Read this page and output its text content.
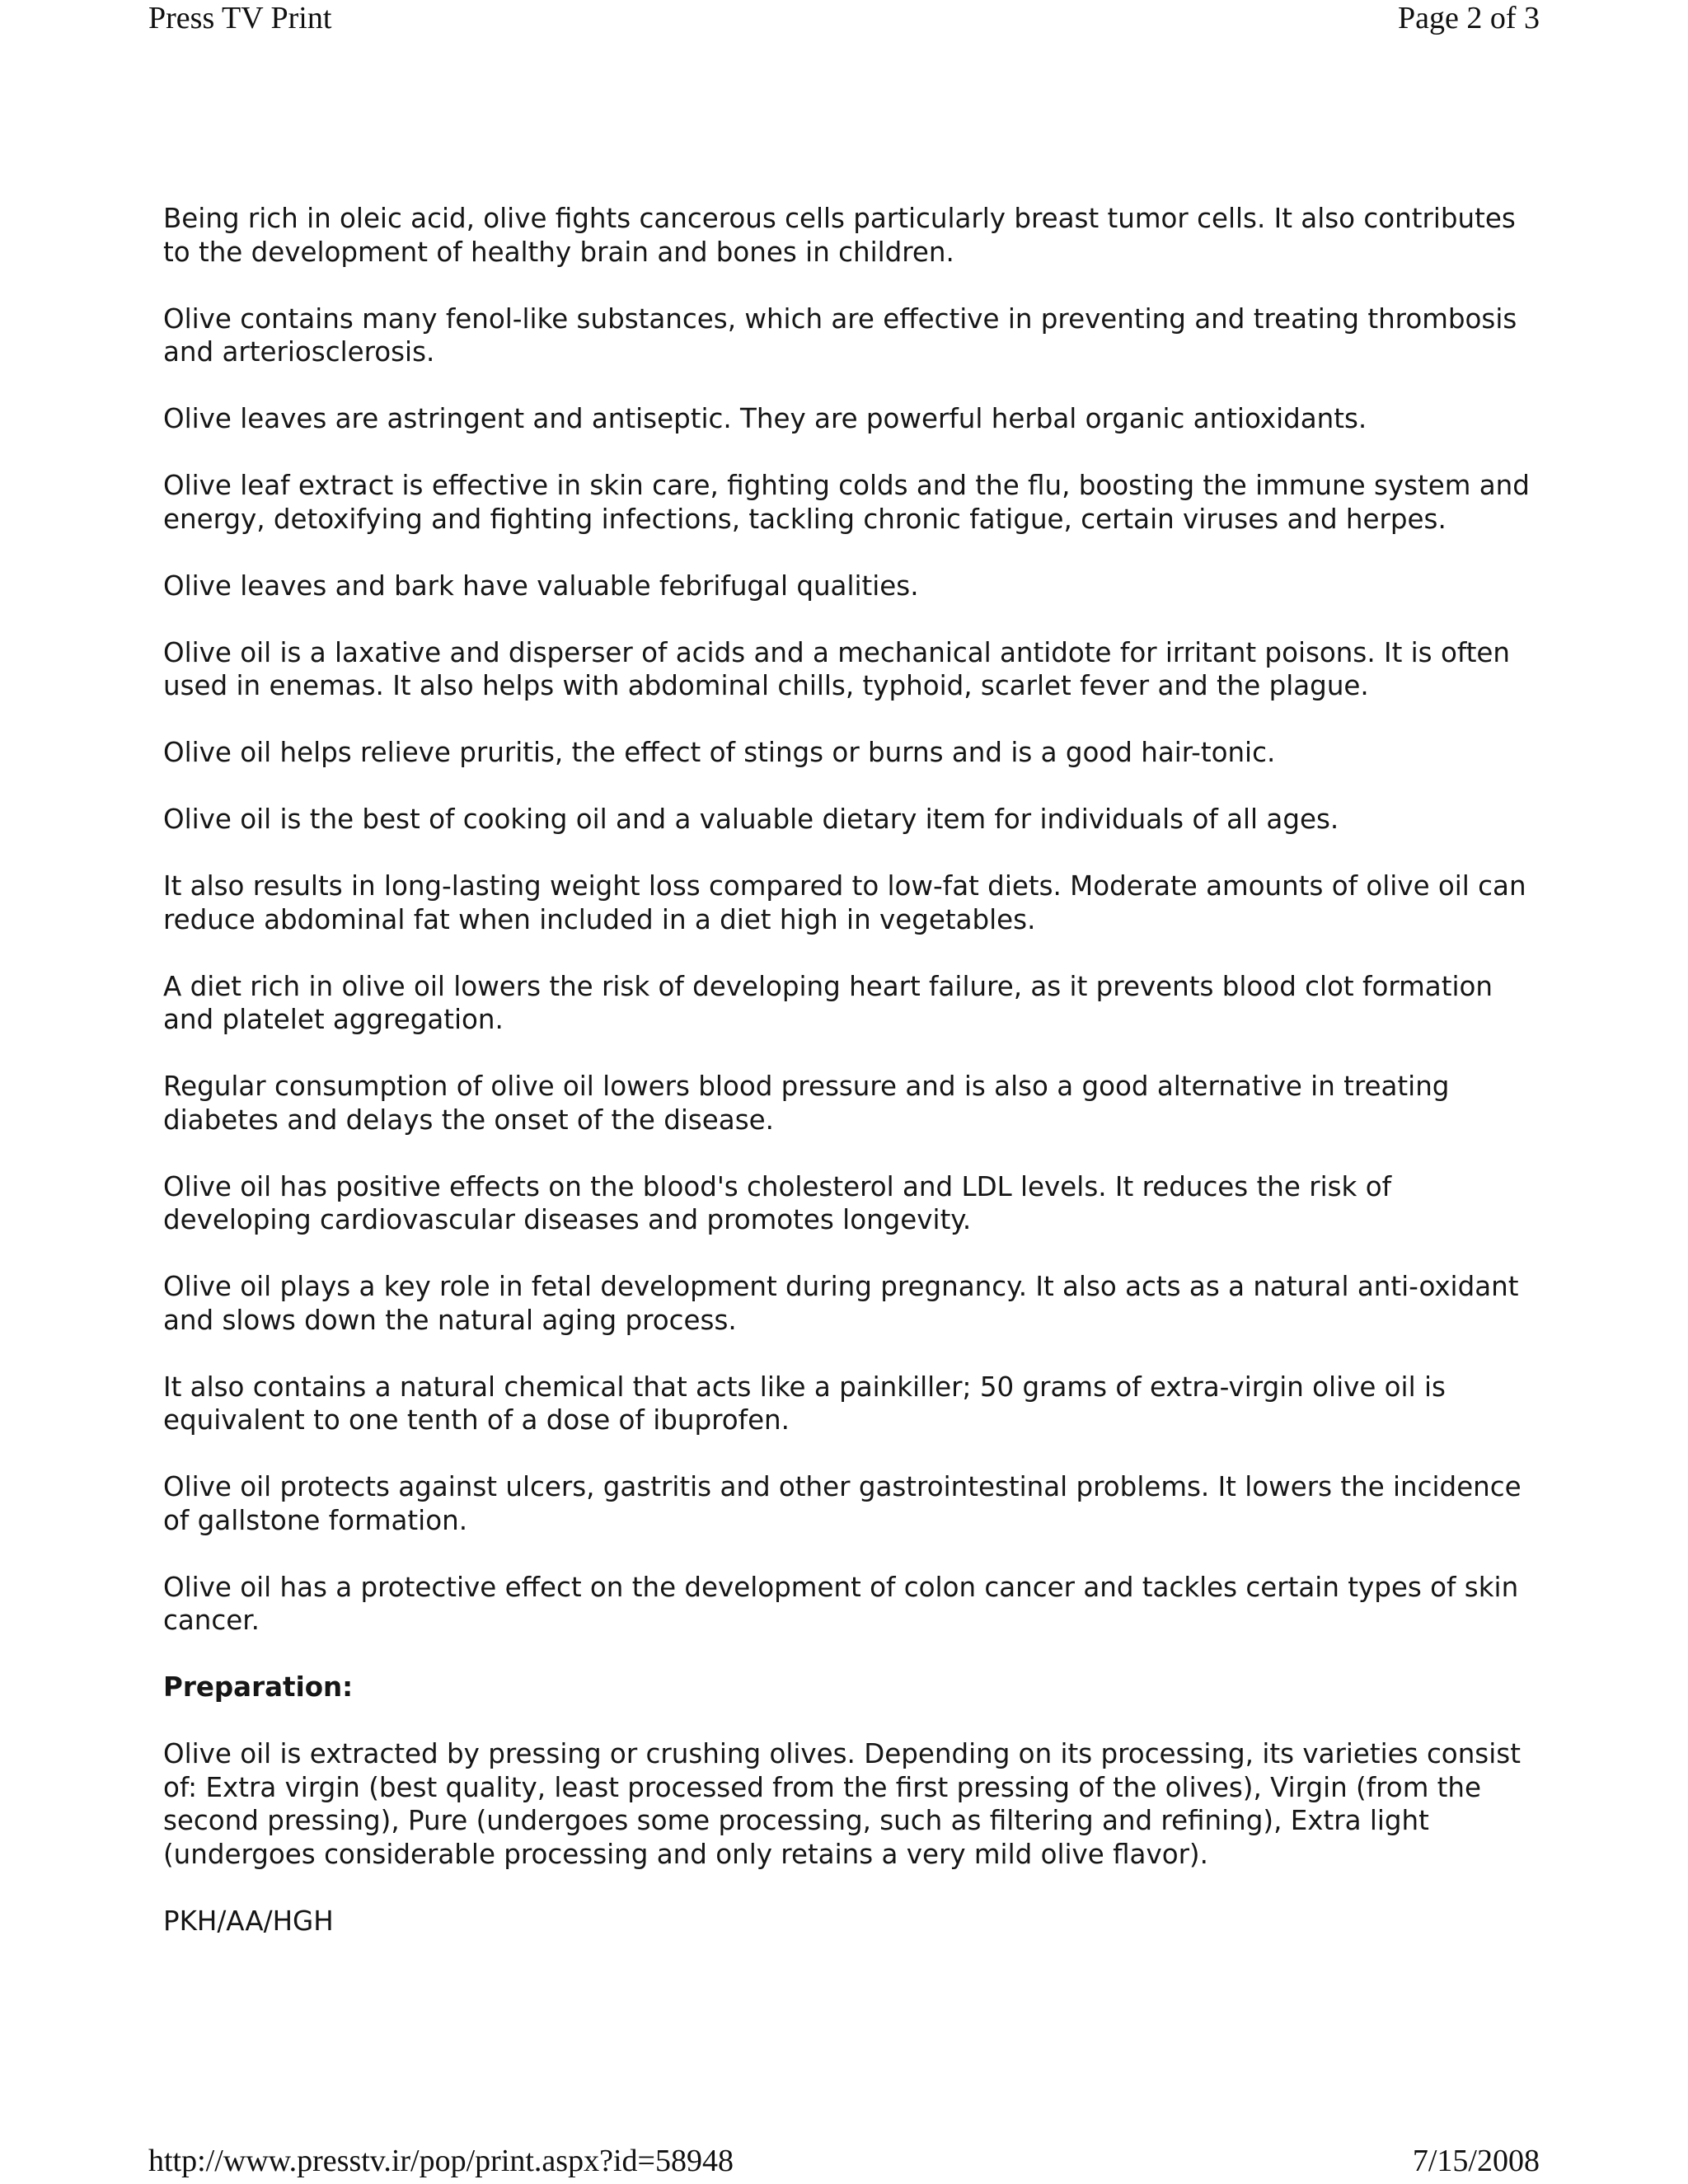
Press TV Print	Page 2 of 3

Being rich in oleic acid, olive fights cancerous cells particularly breast tumor cells. It also contributes to the development of healthy brain and bones in children.

Olive contains many fenol-like substances, which are effective in preventing and treating thrombosis and arteriosclerosis.

Olive leaves are astringent and antiseptic. They are powerful herbal organic antioxidants.

Olive leaf extract is effective in skin care, fighting colds and the flu, boosting the immune system and energy, detoxifying and fighting infections, tackling chronic fatigue, certain viruses and herpes.

Olive leaves and bark have valuable febrifugal qualities.

Olive oil is a laxative and disperser of acids and a mechanical antidote for irritant poisons. It is often used in enemas. It also helps with abdominal chills, typhoid, scarlet fever and the plague.

Olive oil helps relieve pruritis, the effect of stings or burns and is a good hair-tonic.

Olive oil is the best of cooking oil and a valuable dietary item for individuals of all ages.

It also results in long-lasting weight loss compared to low-fat diets. Moderate amounts of olive oil can reduce abdominal fat when included in a diet high in vegetables.

A diet rich in olive oil lowers the risk of developing heart failure, as it prevents blood clot formation and platelet aggregation.

Regular consumption of olive oil lowers blood pressure and is also a good alternative in treating diabetes and delays the onset of the disease.

Olive oil has positive effects on the blood's cholesterol and LDL levels. It reduces the risk of developing cardiovascular diseases and promotes longevity.

Olive oil plays a key role in fetal development during pregnancy. It also acts as a natural anti-oxidant and slows down the natural aging process.

It also contains a natural chemical that acts like a painkiller; 50 grams of extra-virgin olive oil is equivalent to one tenth of a dose of ibuprofen.

Olive oil protects against ulcers, gastritis and other gastrointestinal problems. It lowers the incidence of gallstone formation.

Olive oil has a protective effect on the development of colon cancer and tackles certain types of skin cancer.

Preparation:

Olive oil is extracted by pressing or crushing olives. Depending on its processing, its varieties consist of: Extra virgin (best quality, least processed from the first pressing of the olives), Virgin (from the second pressing), Pure (undergoes some processing, such as filtering and refining), Extra light (undergoes considerable processing and only retains a very mild olive flavor).

PKH/AA/HGH

http://www.presstv.ir/pop/print.aspx?id=58948	7/15/2008
